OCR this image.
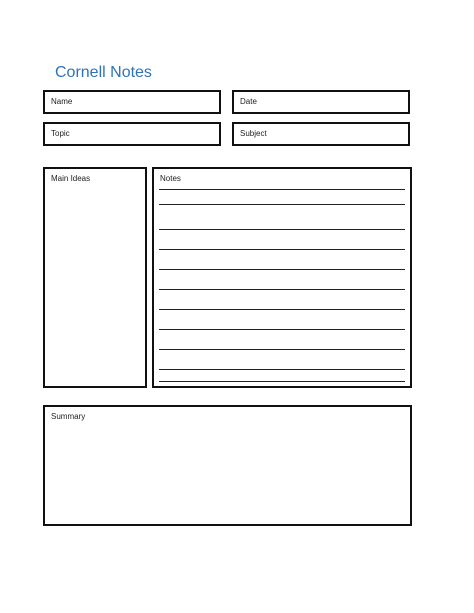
Cornell Notes
Name	Date
Topic	Subject
Main Ideas	Notes
Summary
